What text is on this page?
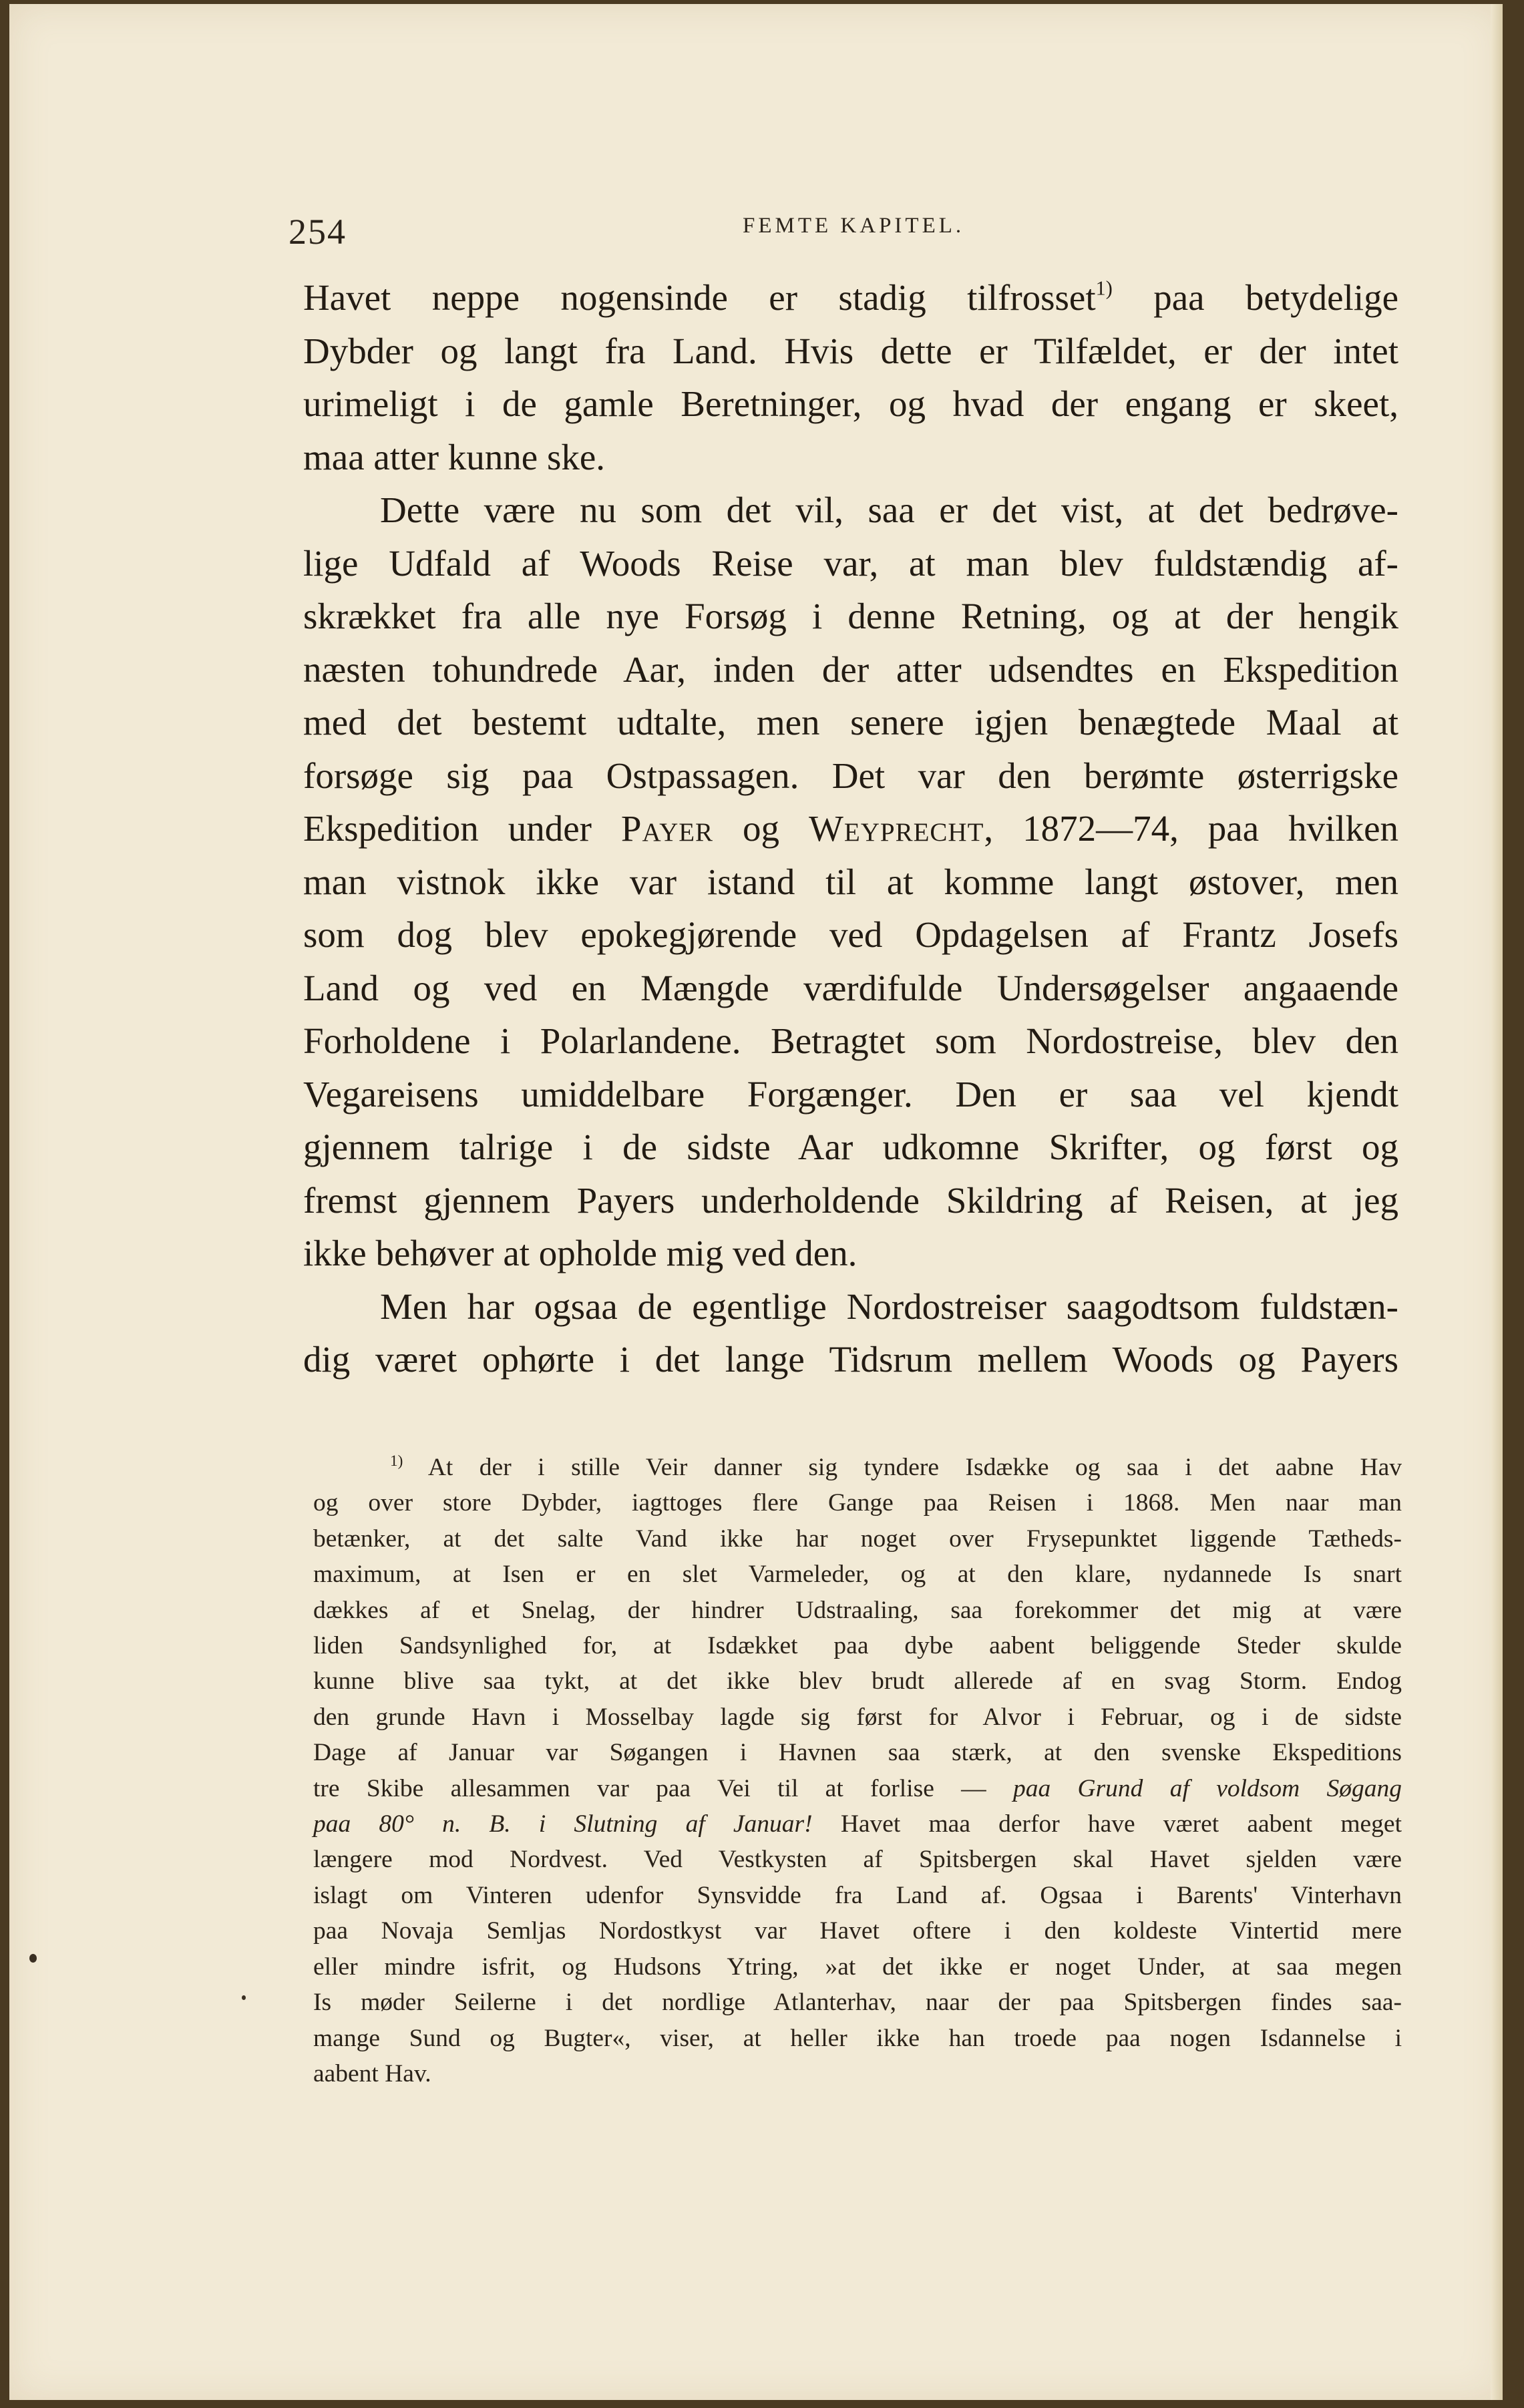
254	FEMTE KAPITEL.
Havet neppe nogensinde er stadig tilfrosset$^{1)}$ paa betydelige
Dybder og langt fra Land. Hvis dette er Tilfældet, er der intet
urimeligt i de gamle Beretninger, og hvad der engang er skeet,
maa atter kunne ske.
Dette være nu som det vil, saa er det vist, at det bedrøve-
lige Udfald af Woods Reise var, at man blev fuldstændig af-
skrækket fra alle nye Forsøg i denne Retning, og at der hengik
næsten tohundrede Aar, inden der atter udsendtes en Ekspedition
med det bestemt udtalte, men senere igjen benægtede Maal at
forsøge sig paa Ostpassagen. Det var den berømte østerrigske
Ekspedition under Payer og Weyprecht, 1872—74, paa hvilken
man vistnok ikke var istand til at komme langt østover, men
som dog blev epokegjørende ved Opdagelsen af Frantz Josefs
Land og ved en Mængde værdifulde Undersøgelser angaaende
Forholdene i Polarlandene. Betragtet som Nordostreise, blev den
Vegareisens umiddelbare Forgænger. Den er saa vel kjendt
gjennem talrige i de sidste Aar udkomne Skrifter, og først og
fremst gjennem Payers underholdende Skildring af Reisen, at jeg
ikke behøver at opholde mig ved den.
Men har ogsaa de egentlige Nordostreiser saagodtsom fuldstæn-
dig været ophørte i det lange Tidsrum mellem Woods og Payers
$^{1)}$ At der i stille Veir danner sig tyndere Isdække og saa i det aabne Hav
og over store Dybder, iagttoges flere Gange paa Reisen i 1868. Men naar man
betænker, at det salte Vand ikke har noget over Frysepunktet liggende Tætheds-
maximum, at Isen er en slet Varmeleder, og at den klare, nydannede Is snart
dækkes af et Snelag, der hindrer Udstraaling, saa forekommer det mig at være
liden Sandsynlighed for, at Isdækket paa dybe aabent beliggende Steder skulde
kunne blive saa tykt, at det ikke blev brudt allerede af en svag Storm. Endog
den grunde Havn i Mosselbay lagde sig først for Alvor i Februar, og i de sidste
Dage af Januar var Søgangen i Havnen saa stærk, at den svenske Ekspeditions
tre Skibe allesammen var paa Vei til at forlise — paa Grund af voldsom Søgang
paa 80° n. B. i Slutning af Januar! Havet maa derfor have været aabent meget
længere mod Nordvest. Ved Vestkysten af Spitsbergen skal Havet sjelden være
islagt om Vinteren udenfor Synsvidde fra Land af. Ogsaa i Barents' Vinterhavn
paa Novaja Semljas Nordostkyst var Havet oftere i den koldeste Vintertid mere
eller mindre isfrit, og Hudsons Ytring, »at det ikke er noget Under, at saa megen
Is møder Seilerne i det nordlige Atlanterhav, naar der paa Spitsbergen findes saa-
mange Sund og Bugter«, viser, at heller ikke han troede paa nogen Isdannelse i
aabent Hav.
